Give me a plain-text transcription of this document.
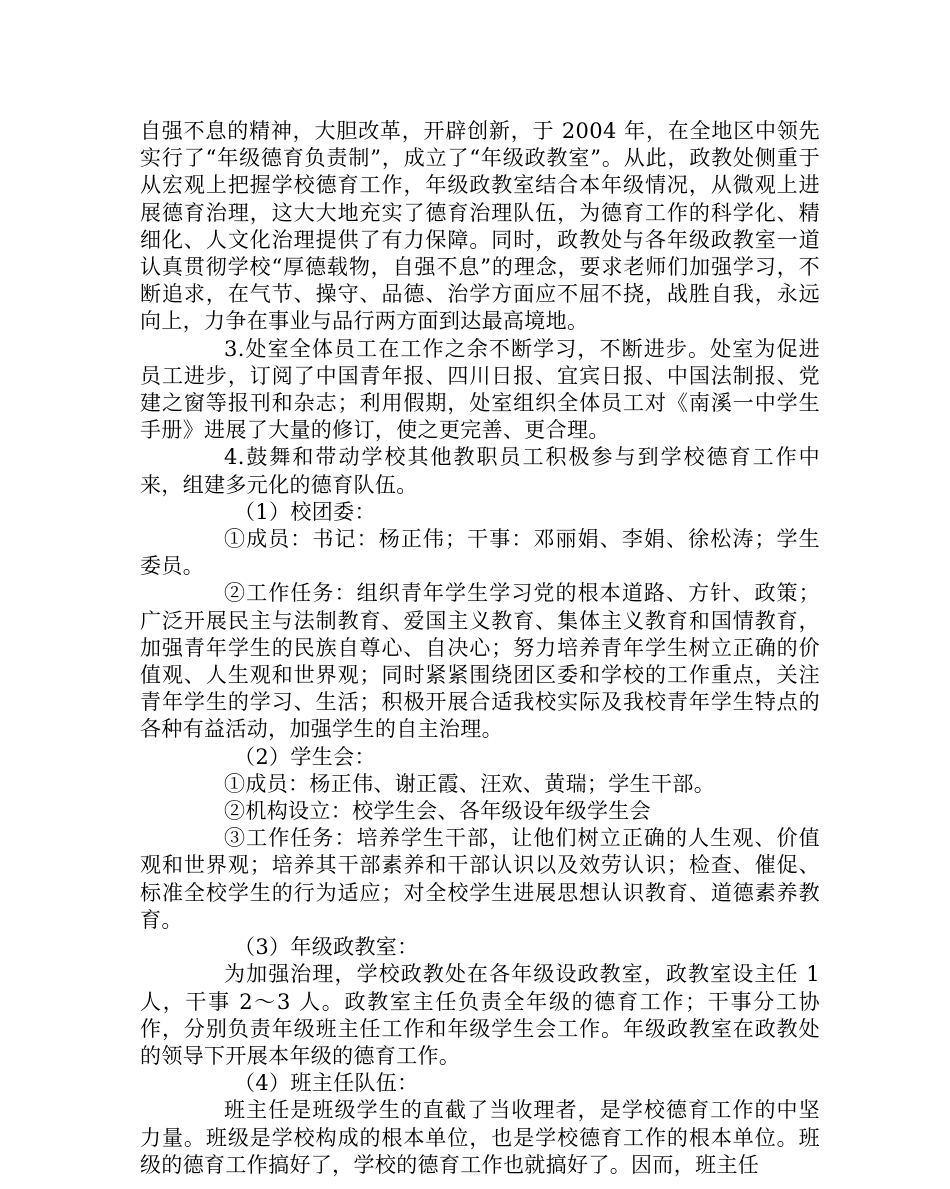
自强不息的精神，大胆改革，开辟创新，于 2004 年，在全地区中领先实行了“年级德育负责制”，成立了“年级政教室”。从此，政教处侧重于从宏观上把握学校德育工作，年级政教室结合本年级情况，从微观上进展德育治理，这大大地充实了德育治理队伍，为德育工作的科学化、精细化、人文化治理提供了有力保障。同时，政教处与各年级政教室一道认真贯彻学校“厚德载物，自强不息”的理念，要求老师们加强学习，不断追求，在气节、操守、品德、治学方面应不屈不挠，战胜自我，永远向上，力争在事业与品行两方面到达最高境地。

3.处室全体员工在工作之余不断学习，不断进步。处室为促进员工进步，订阅了中国青年报、四川日报、宜宾日报、中国法制报、党建之窗等报刊和杂志；利用假期，处室组织全体员工对《南溪一中学生手册》进展了大量的修订，使之更完善、更合理。

4.鼓舞和带动学校其他教职员工积极参与到学校德育工作中来，组建多元化的德育队伍。

（1）校团委：

①成员：书记：杨正伟；干事：邓丽娟、李娟、徐松涛；学生委员。

②工作任务：组织青年学生学习党的根本道路、方针、政策；广泛开展民主与法制教育、爱国主义教育、集体主义教育和国情教育，加强青年学生的民族自尊心、自决心；努力培养青年学生树立正确的价值观、人生观和世界观；同时紧紧围绕团区委和学校的工作重点，关注青年学生的学习、生活；积极开展合适我校实际及我校青年学生特点的各种有益活动，加强学生的自主治理。

（2）学生会：

①成员：杨正伟、谢正霞、汪欢、黄瑞；学生干部。

②机构设立：校学生会、各年级设年级学生会

③工作任务：培养学生干部，让他们树立正确的人生观、价值观和世界观；培养其干部素养和干部认识以及效劳认识；检查、催促、标准全校学生的行为适应；对全校学生进展思想认识教育、道德素养教育。

（3）年级政教室：

为加强治理，学校政教处在各年级设政教室，政教室设主任 1 人，干事 2～3 人。政教室主任负责全年级的德育工作；干事分工协作，分别负责年级班主任工作和年级学生会工作。年级政教室在政教处的领导下开展本年级的德育工作。

（4）班主任队伍：

班主任是班级学生的直截了当收理者，是学校德育工作的中坚力量。班级是学校构成的根本单位，也是学校德育工作的根本单位。班级的德育工作搞好了，学校的德育工作也就搞好了。因而，班主任
